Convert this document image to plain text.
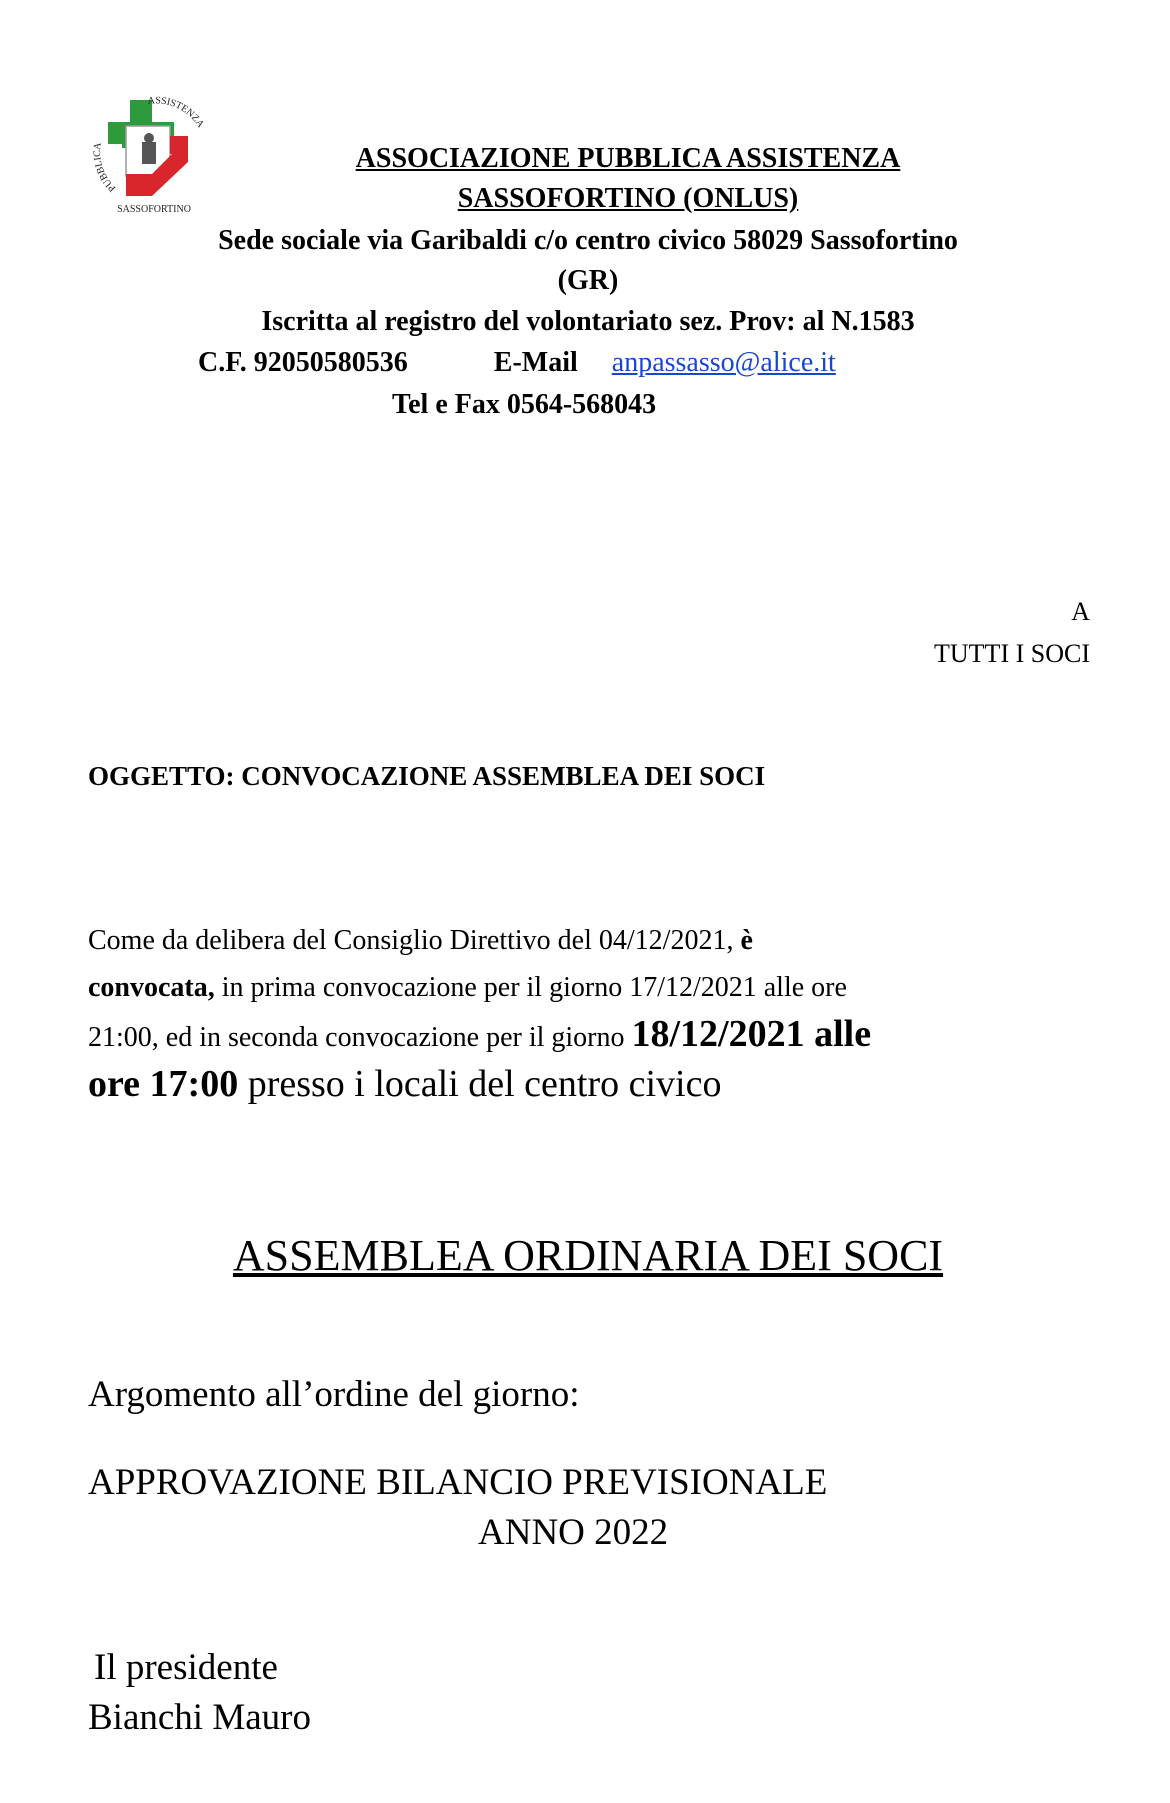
ASSISTENZA
PUBBLICA
SASSOFORTINO
ASSOCIAZIONE PUBBLICA ASSISTENZA
SASSOFORTINO (ONLUS)
Sede sociale via Garibaldi c/o centro civico 58029 Sassofortino
(GR)
Iscritta al registro del volontariato sez. Prov: al N.1583
C.F. 92050580536	E-Mail anpassasso@alice.it
Tel e Fax 0564-568043
A
TUTTI I SOCI
OGGETTO: CONVOCAZIONE ASSEMBLEA DEI SOCI
Come da delibera del Consiglio Direttivo del 04/12/2021, è
convocata, in prima convocazione per il giorno 17/12/2021 alle ore
21:00, ed in seconda convocazione per il giorno 18/12/2021 alle
ore 17:00 presso i locali del centro civico
ASSEMBLEA ORDINARIA DEI SOCI
Argomento all’ordine del giorno:
APPROVAZIONE BILANCIO PREVISIONALE
ANNO 2022
Il presidente
Bianchi Mauro
